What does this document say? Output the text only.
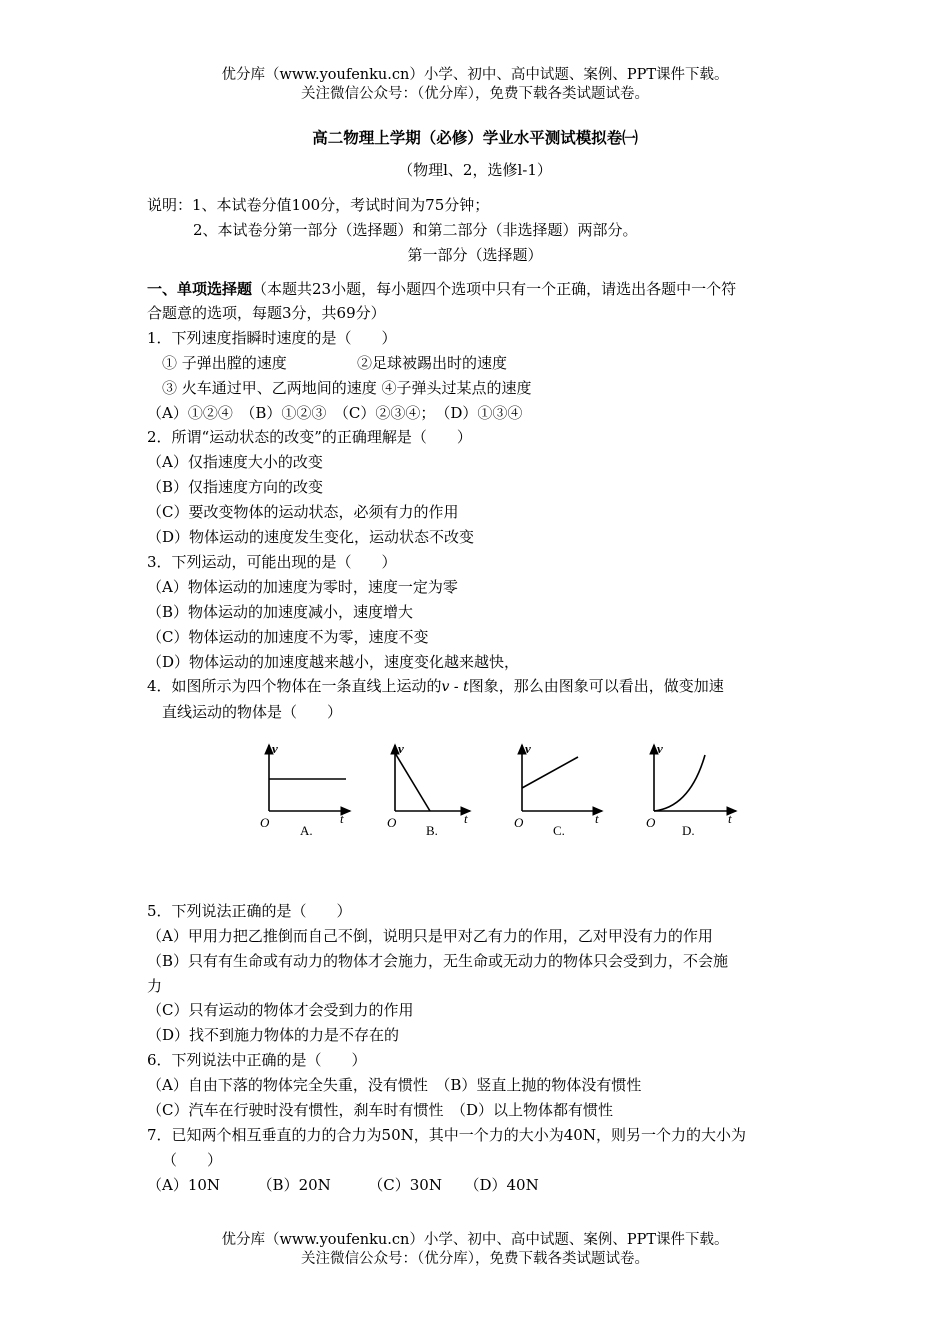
优分库（www.youfenku.cn）小学、初中、高中试题、案例、PPT课件下载。
关注微信公众号：（优分库），免费下载各类试题试卷。
高二物理上学期（必修）学业水平测试模拟卷㈠
（物理l、2，选修l-1）
说明：1、本试卷分值100分，考试时间为75分钟；
2、本试卷分第一部分（选择题）和第二部分（非选择题）两部分。
第一部分（选择题）
一、单项选择题（本题共23小题，每小题四个选项中只有一个正确，请选出各题中一个符
合题意的选项，每题3分，共69分）
1．下列速度指瞬时速度的是（　　）
① 子弹出膛的速度	②足球被踢出时的速度
③ 火车通过甲、乙两地间的速度 ④子弹头过某点的速度
（A）①②④　（B）①②③　（C）②③④；　（D）①③④
2．所谓“运动状态的改变”的正确理解是（　　）
（A）仅指速度大小的改变
（B）仅指速度方向的改变
（C）要改变物体的运动状态，必须有力的作用
（D）物体运动的速度发生变化，运动状态不改变
3．下列运动，可能出现的是（　　）
（A）物体运动的加速度为零时，速度一定为零
（B）物体运动的加速度减小，速度增大
（C）物体运动的加速度不为零，速度不变
（D）物体运动的加速度越来越小，速度变化越来越快，
4．如图所示为四个物体在一条直线上运动的v - t图象，那么由图象可以看出，做变加速
直线运动的物体是（　　）
v
t
O
A.
v
t
O
B.
v
t
O
C.
v
t
O
D.
5．下列说法正确的是（　　）
（A）甲用力把乙推倒而自己不倒，说明只是甲对乙有力的作用，乙对甲没有力的作用
（B）只有有生命或有动力的物体才会施力，无生命或无动力的物体只会受到力，不会施
力
（C）只有运动的物体才会受到力的作用
（D）找不到施力物体的力是不存在的
6．下列说法中正确的是（　　）
（A）自由下落的物体完全失重，没有惯性　（B）竖直上抛的物体没有惯性
（C）汽车在行驶时没有惯性，刹车时有惯性　（D）以上物体都有惯性
7．已知两个相互垂直的力的合力为50N，其中一个力的大小为40N，则另一个力的大小为
（　　）
（A）10N　　　（B）20N　　　（C）30N　　（D）40N
优分库（www.youfenku.cn）小学、初中、高中试题、案例、PPT课件下载。
关注微信公众号：（优分库），免费下载各类试题试卷。
